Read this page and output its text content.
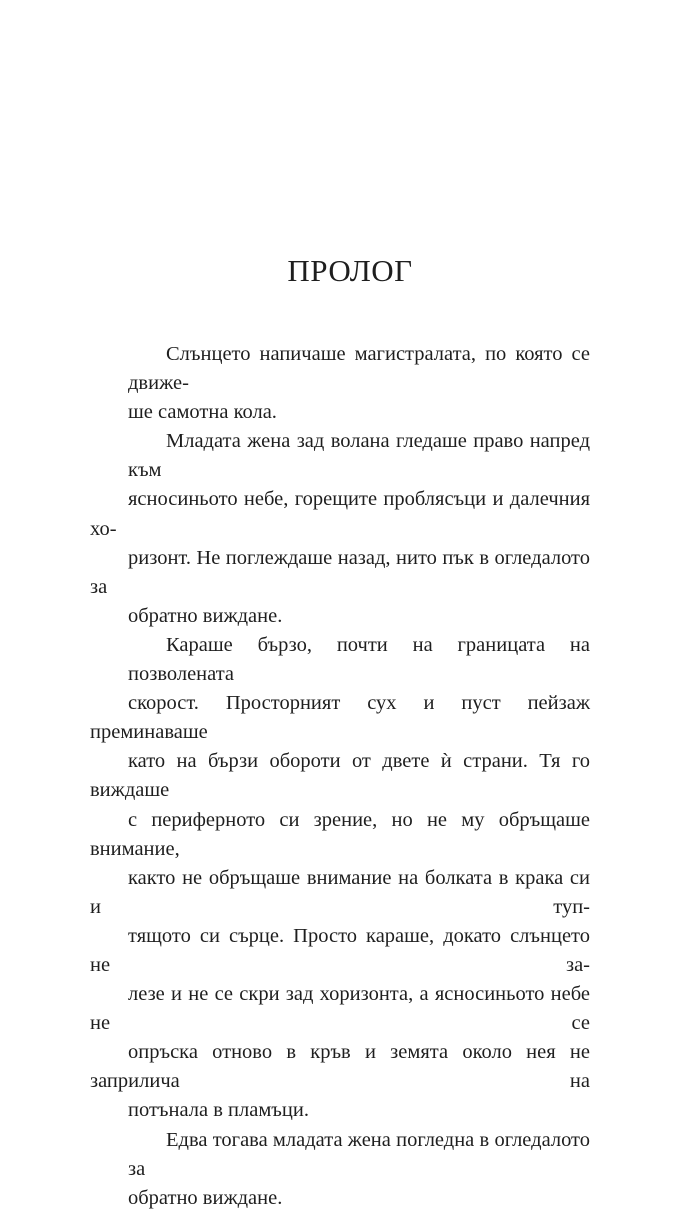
ПРОЛОГ

Слънцето напичаше магистралата, по която се движе-
ше самотна кола.

Младата жена зад волана гледаше право напред към
ясносиньото небе, горещите проблясъци и далечния хо-
ризонт. Не поглеждаше назад, нито пък в огледалото за
обратно виждане.

Караше бързо, почти на границата на позволената
скорост. Просторният сух и пуст пейзаж преминаваше
като на бързи обороти от двете ѝ страни. Тя го виждаше
с периферното си зрение, но не му обръщаше внимание,
както не обръщаше внимание на болката в крака си и туп-
тящото си сърце. Просто караше, докато слънцето не за-
лезе и не се скри зад хоризонта, а ясносиньото небе не се
опръска отново в кръв и земята около нея не заприлича на
потънала в пламъци.

Едва тогава младата жена погледна в огледалото за
обратно виждане.
